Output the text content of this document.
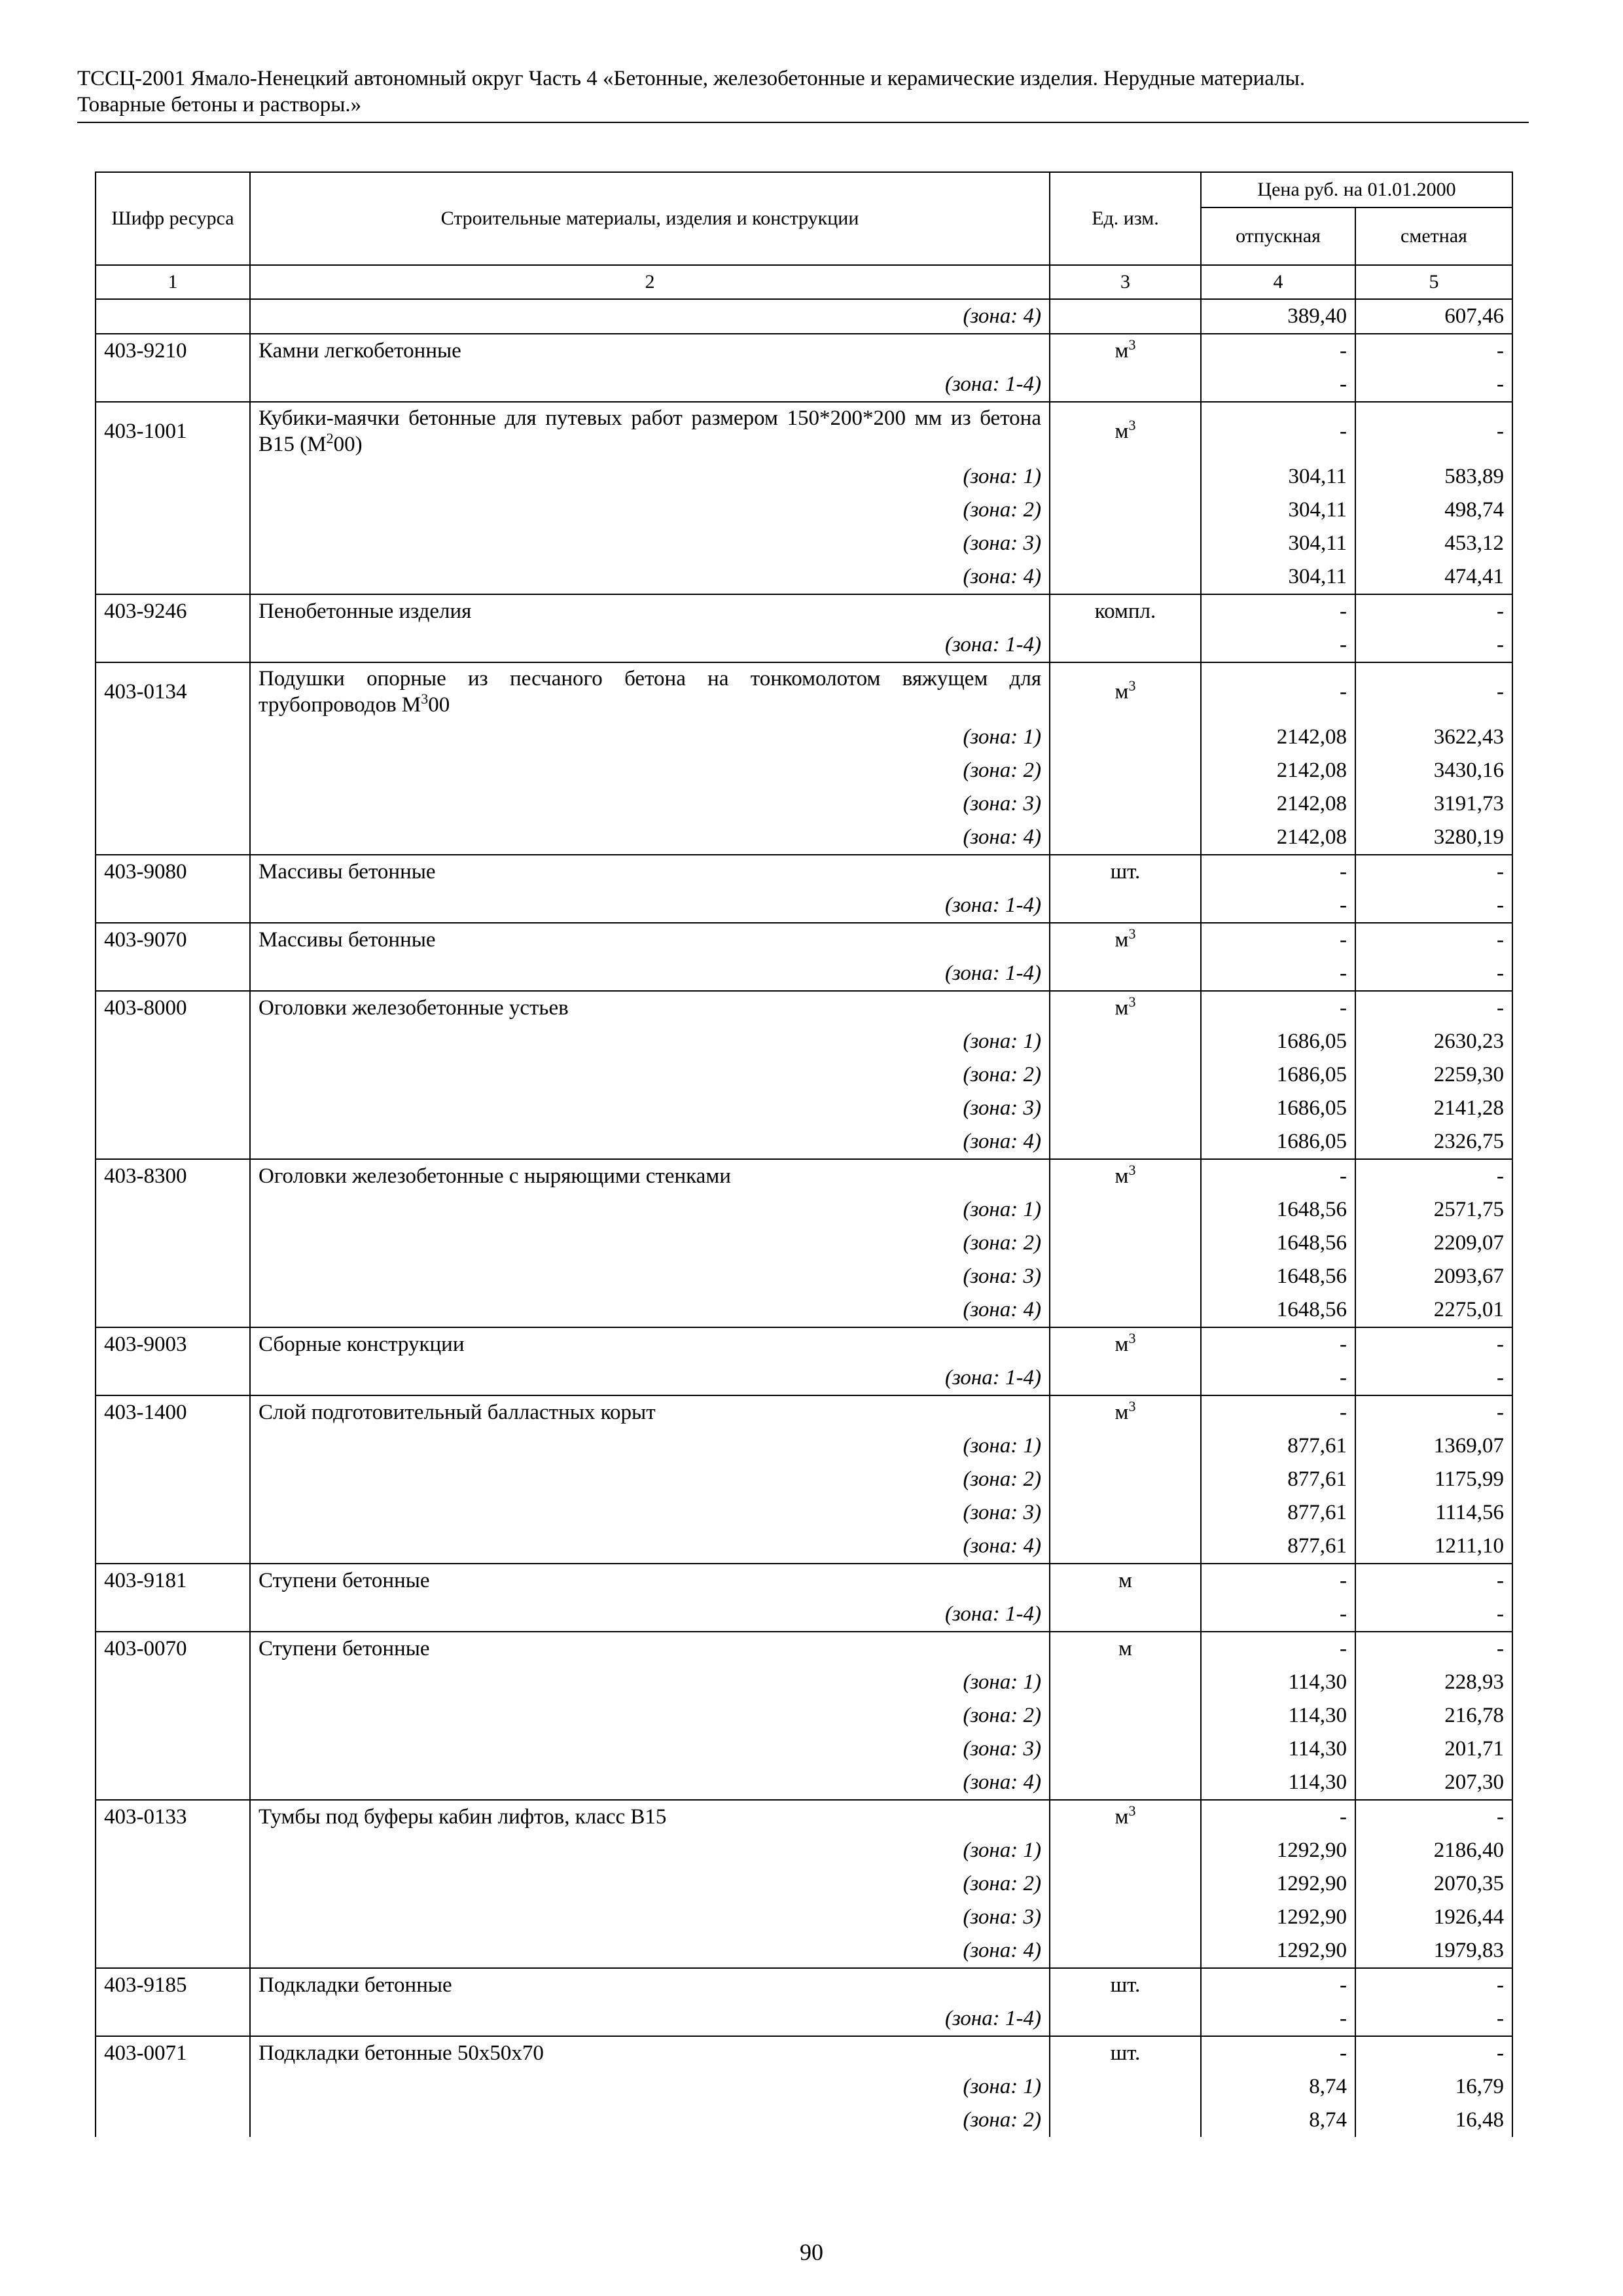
ТССЦ-2001 Ямало-Ненецкий автономный округ Часть 4 «Бетонные, железобетонные и керамические изделия. Нерудные материалы.
Товарные бетоны и растворы.»
Шифр ресурса	Строительные материалы, изделия и конструкции	Ед. изм.	Цена руб. на 01.01.2000	
			отпускная	сметная
1	2	3	4	5
	(зона: 4)		389,40	607,46
403-9210	Камни легкобетонные	$м^3$	-	-
	(зона: 1-4)		-	-
403-1001	Кубики-маячки бетонные для путевых работ размером 150*200*200 мм из бетона В15 $(М^200)$	$м^3$	-	-
	(зона: 1)		304,11	583,89
	(зона: 2)		304,11	498,74
	(зона: 3)		304,11	453,12
	(зона: 4)		304,11	474,41
403-9246	Пенобетонные изделия	компл.	-	-
	(зона: 1-4)		-	-
403-0134	Подушки опорные из песчаного бетона на тонкомолотом вяжущем для трубопроводов $М^300$	$м^3$	-	-
	(зона: 1)		2142,08	3622,43
	(зона: 2)		2142,08	3430,16
	(зона: 3)		2142,08	3191,73
	(зона: 4)		2142,08	3280,19
403-9080	Массивы бетонные	шт.	-	-
	(зона: 1-4)		-	-
403-9070	Массивы бетонные	$м^3$	-	-
	(зона: 1-4)		-	-
403-8000	Оголовки железобетонные устьев	$м^3$	-	-
	(зона: 1)		1686,05	2630,23
	(зона: 2)		1686,05	2259,30
	(зона: 3)		1686,05	2141,28
	(зона: 4)		1686,05	2326,75
403-8300	Оголовки железобетонные с ныряющими стенками	$м^3$	-	-
	(зона: 1)		1648,56	2571,75
	(зона: 2)		1648,56	2209,07
	(зона: 3)		1648,56	2093,67
	(зона: 4)		1648,56	2275,01
403-9003	Сборные конструкции	$м^3$	-	-
	(зона: 1-4)		-	-
403-1400	Слой подготовительный балластных корыт	$м^3$	-	-
	(зона: 1)		877,61	1369,07
	(зона: 2)		877,61	1175,99
	(зона: 3)		877,61	1114,56
	(зона: 4)		877,61	1211,10
403-9181	Ступени бетонные	м	-	-
	(зона: 1-4)		-	-
403-0070	Ступени бетонные	м	-	-
	(зона: 1)		114,30	228,93
	(зона: 2)		114,30	216,78
	(зона: 3)		114,30	201,71
	(зона: 4)		114,30	207,30
403-0133	Тумбы под буферы кабин лифтов, класс В15	$м^3$	-	-
	(зона: 1)		1292,90	2186,40
	(зона: 2)		1292,90	2070,35
	(зона: 3)		1292,90	1926,44
	(зона: 4)		1292,90	1979,83
403-9185	Подкладки бетонные	шт.	-	-
	(зона: 1-4)		-	-
403-0071	Подкладки бетонные 50х50х70	шт.	-	-
	(зона: 1)		8,74	16,79
	(зона: 2)		8,74	16,48
90
